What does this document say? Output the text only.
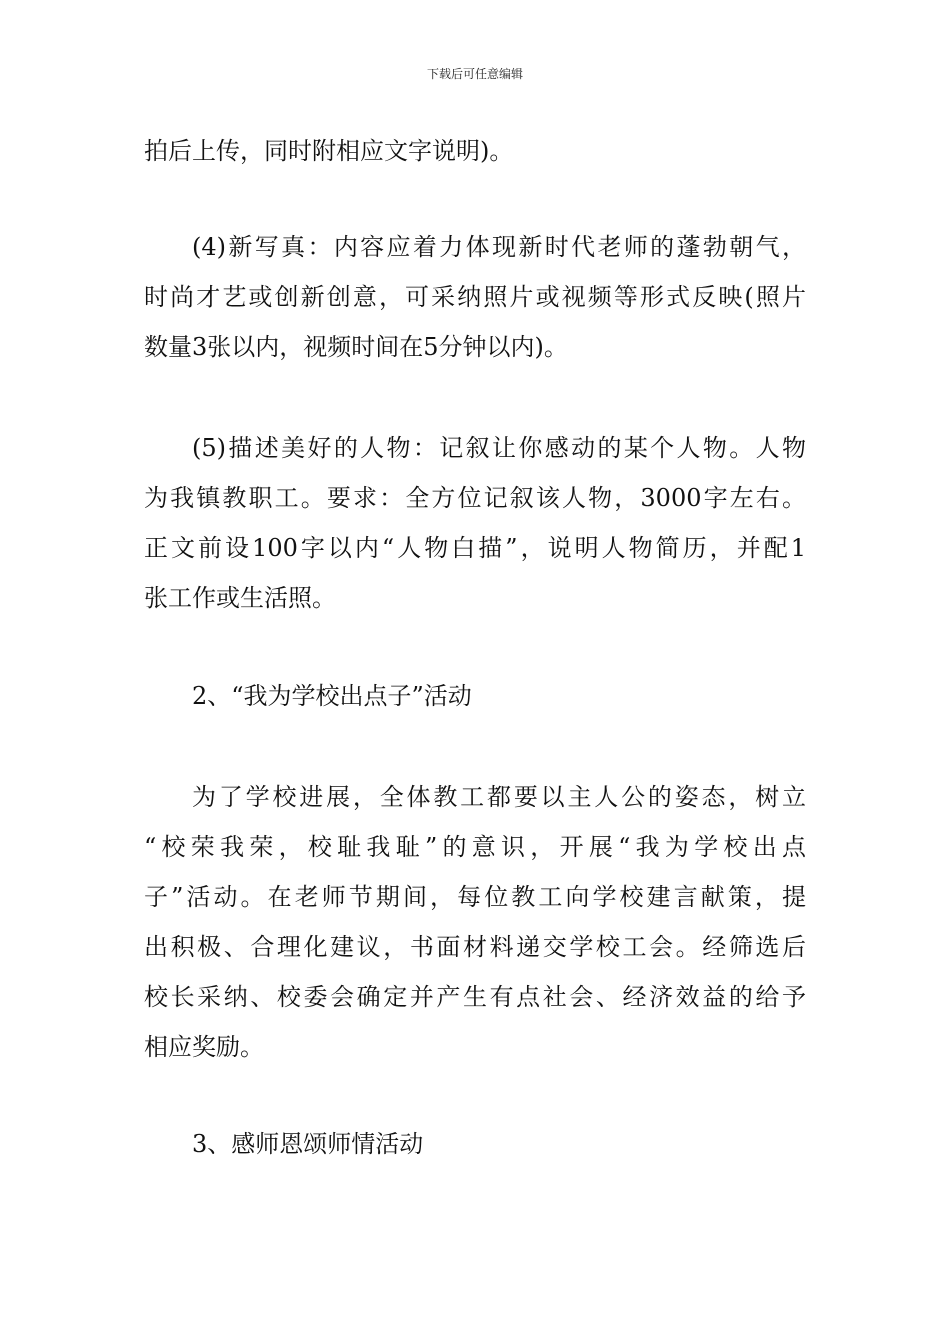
下载后可任意编辑
拍后上传，同时附相应文字说明)。
(4)新写真：内容应着力体现新时代老师的蓬勃朝气，
时尚才艺或创新创意，可采纳照片或视频等形式反映(照片
数量3张以内，视频时间在5分钟以内)。
(5)描述美好的人物：记叙让你感动的某个人物。人物
为我镇教职工。要求：全方位记叙该人物，3000字左右。
正文前设100字以内“人物白描”，说明人物简历，并配1
张工作或生活照。
2、“我为学校出点子”活动
为了学校进展，全体教工都要以主人公的姿态，树立
“校荣我荣，校耻我耻”的意识，开展“我为学校出点
子”活动。在老师节期间，每位教工向学校建言献策，提
出积极、合理化建议，书面材料递交学校工会。经筛选后
校长采纳、校委会确定并产生有点社会、经济效益的给予
相应奖励。
3、感师恩颂师情活动
